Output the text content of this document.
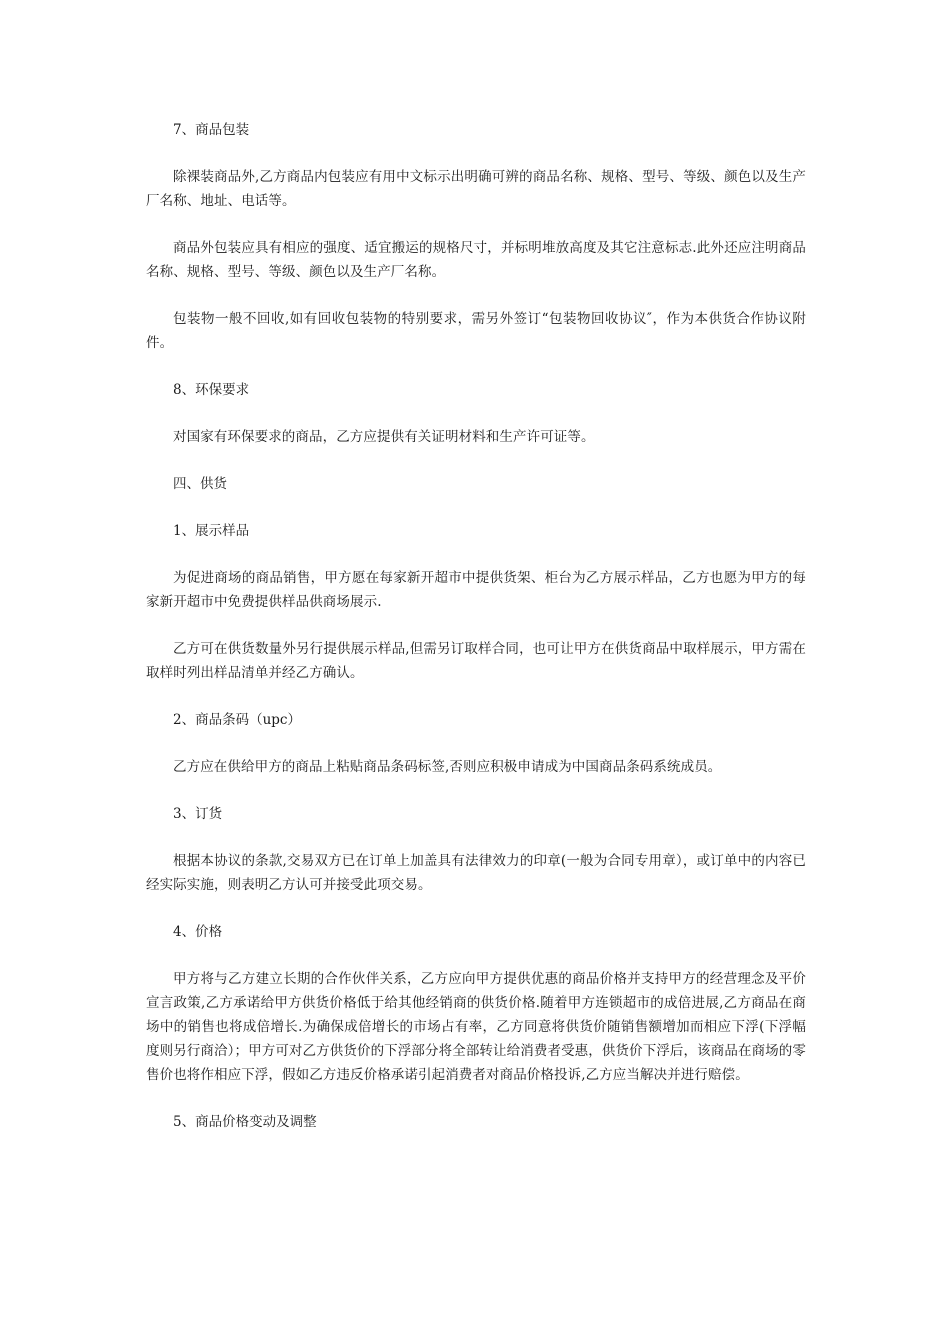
7、商品包装

除裸装商品外,乙方商品内包装应有用中文标示出明确可辨的商品名称、规格、型号、等级、颜色以及生产厂名称、地址、电话等。

商品外包装应具有相应的强度、适宜搬运的规格尺寸，并标明堆放高度及其它注意标志.此外还应注明商品名称、规格、型号、等级、颜色以及生产厂名称。

包装物一般不回收,如有回收包装物的特别要求，需另外签订“包装物回收协议″，作为本供货合作协议附件。

8、环保要求

对国家有环保要求的商品，乙方应提供有关证明材料和生产许可证等。

四、供货

1、展示样品

为促进商场的商品销售，甲方愿在每家新开超市中提供货架、柜台为乙方展示样品，乙方也愿为甲方的每家新开超市中免费提供样品供商场展示.

乙方可在供货数量外另行提供展示样品,但需另订取样合同，也可让甲方在供货商品中取样展示，甲方需在取样时列出样品清单并经乙方确认。

2、商品条码（upc）

乙方应在供给甲方的商品上粘贴商品条码标签,否则应积极申请成为中国商品条码系统成员。

3、订货

根据本协议的条款,交易双方已在订单上加盖具有法律效力的印章(一般为合同专用章），或订单中的内容已经实际实施，则表明乙方认可并接受此项交易。

4、价格

甲方将与乙方建立长期的合作伙伴关系，乙方应向甲方提供优惠的商品价格并支持甲方的经营理念及平价宣言政策,乙方承诺给甲方供货价格低于给其他经销商的供货价格.随着甲方连锁超市的成倍进展,乙方商品在商场中的销售也将成倍增长.为确保成倍增长的市场占有率，乙方同意将供货价随销售额增加而相应下浮(下浮幅度则另行商洽）；甲方可对乙方供货价的下浮部分将全部转让给消费者受惠，供货价下浮后，该商品在商场的零售价也将作相应下浮，假如乙方违反价格承诺引起消费者对商品价格投诉,乙方应当解决并进行赔偿。

5、商品价格变动及调整
